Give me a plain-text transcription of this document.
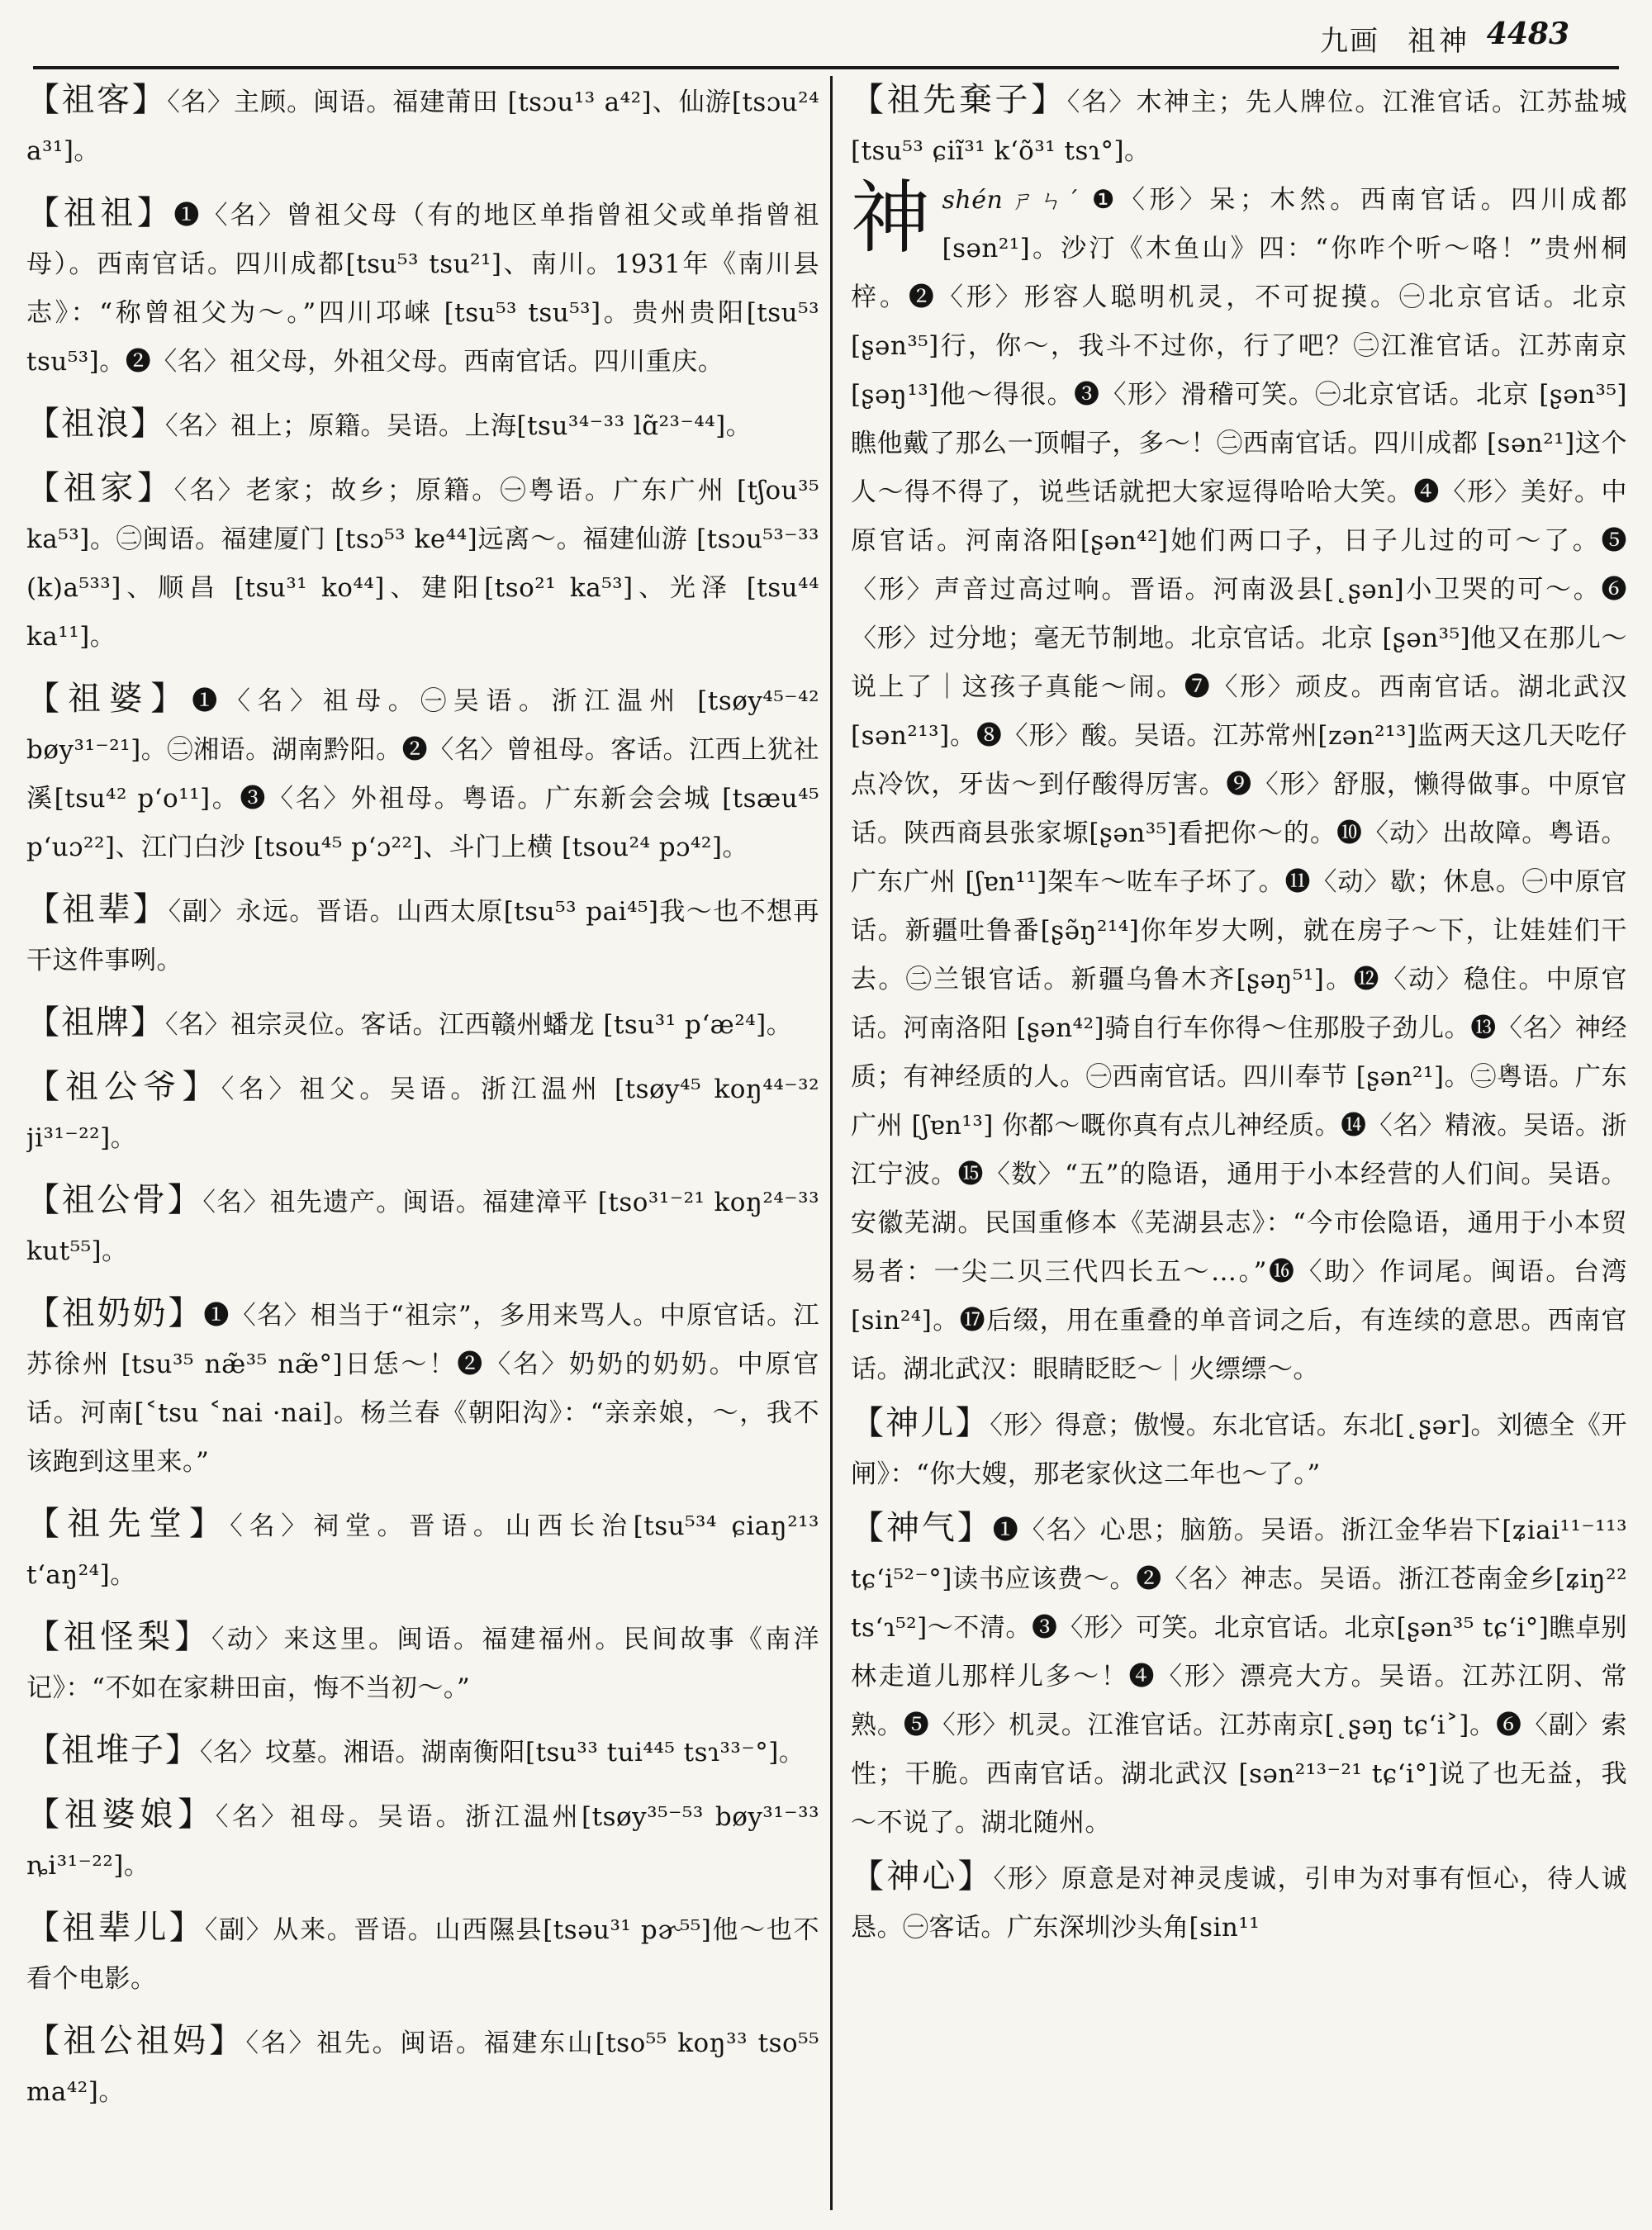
九画 祖神 4483

【祖客】〈名〉主顾。闽语。福建莆田 [tsɔu¹³ a⁴²]、仙游[tsɔu²⁴ a³¹]。

【祖祖】❶〈名〉曾祖父母（有的地区单指曾祖父或单指曾祖母）。西南官话。四川成都[tsu⁵³ tsu²¹]、南川。1931年《南川县志》：“称曾祖父为～。”四川邛崃 [tsu⁵³ tsu⁵³]。贵州贵阳[tsu⁵³ tsu⁵³]。❷〈名〉祖父母，外祖父母。西南官话。四川重庆。

【祖浪】〈名〉祖上；原籍。吴语。上海[tsu³⁴⁻³³ lɑ̃²³⁻⁴⁴]。

【祖家】〈名〉老家；故乡；原籍。㊀粤语。广东广州 [tʃou³⁵ ka⁵³]。㊁闽语。福建厦门 [tsɔ⁵³ ke⁴⁴]远离～。福建仙游 [tsɔu⁵³⁻³³ (k)a⁵³³]、顺昌 [tsu³¹ ko⁴⁴]、建阳[tso²¹ ka⁵³]、光泽 [tsu⁴⁴ ka¹¹]。

【祖婆】❶〈名〉祖母。㊀吴语。浙江温州 [tsøy⁴⁵⁻⁴² bøy³¹⁻²¹]。㊁湘语。湖南黔阳。❷〈名〉曾祖母。客话。江西上犹社溪[tsu⁴² p‘o¹¹]。❸〈名〉外祖母。粤语。广东新会会城 [tsæu⁴⁵ p‘uɔ²²]、江门白沙 [tsou⁴⁵ p‘ɔ²²]、斗门上横 [tsou²⁴ pɔ⁴²]。

【祖辈】〈副〉永远。晋语。山西太原[tsu⁵³ pai⁴⁵]我～也不想再干这件事咧。

【祖牌】〈名〉祖宗灵位。客话。江西赣州蟠龙 [tsu³¹ p‘æ²⁴]。

【祖公爷】〈名〉祖父。吴语。浙江温州 [tsøy⁴⁵ koŋ⁴⁴⁻³² ji³¹⁻²²]。

【祖公骨】〈名〉祖先遗产。闽语。福建漳平 [tso³¹⁻²¹ koŋ²⁴⁻³³ kut⁵⁵]。

【祖奶奶】❶〈名〉相当于“祖宗”，多用来骂人。中原官话。江苏徐州 [tsu³⁵ næ̃³⁵ næ̃°]日恁～！❷〈名〉奶奶的奶奶。中原官话。河南[˂tsu ˂nai ·nai]。杨兰春《朝阳沟》：“亲亲娘，～，我不该跑到这里来。”

【祖先堂】〈名〉祠堂。晋语。山西长治[tsu⁵³⁴ ɕiaŋ²¹³ t‘aŋ²⁴]。

【祖怪梨】〈动〉来这里。闽语。福建福州。民间故事《南洋记》：“不如在家耕田亩，悔不当初～。”

【祖堆子】〈名〉坟墓。湘语。湖南衡阳[tsu³³ tui⁴⁴⁵ tsɿ³³⁻°]。

【祖婆娘】〈名〉祖母。吴语。浙江温州[tsøy³⁵⁻⁵³ bøy³¹⁻³³ ȵi³¹⁻²²]。

【祖辈儿】〈副〉从来。晋语。山西隰县[tsəu³¹ pɚ⁵⁵]他～也不看个电影。

【祖公祖妈】〈名〉祖先。闽语。福建东山[tso⁵⁵ koŋ³³ tso⁵⁵ ma⁴²]。

【祖先棄子】〈名〉木神主；先人牌位。江淮官话。江苏盐城 [tsu⁵³ ɕiĩ³¹ k‘õ³¹ tsɿ°]。

神shén ㄕㄣˊ ❶〈形〉呆；木然。西南官话。四川成都[sən²¹]。沙汀《木鱼山》四：“你咋个听～咯！”贵州桐梓。❷〈形〉形容人聪明机灵，不可捉摸。㊀北京官话。北京 [ʂən³⁵]行，你～，我斗不过你，行了吧？㊁江淮官话。江苏南京 [ʂəŋ¹³]他～得很。❸〈形〉滑稽可笑。㊀北京官话。北京 [ʂən³⁵]瞧他戴了那么一顶帽子，多～！㊁西南官话。四川成都 [sən²¹]这个人～得不得了，说些话就把大家逗得哈哈大笑。❹〈形〉美好。中原官话。河南洛阳[ʂən⁴²]她们两口子，日子儿过的可～了。❺〈形〉声音过高过响。晋语。河南汲县[˛ʂən]小卫哭的可～。❻〈形〉过分地；毫无节制地。北京官话。北京 [ʂən³⁵]他又在那儿～说上了｜这孩子真能～闹。❼〈形〉顽皮。西南官话。湖北武汉[sən²¹³]。❽〈形〉酸。吴语。江苏常州[zən²¹³]监两天这几天吃仔点冷饮，牙齿～到仔酸得厉害。❾〈形〉舒服，懒得做事。中原官话。陕西商县张家塬[ʂən³⁵]看把你～的。❿〈动〉出故障。粤语。广东广州 [ʃɐn¹¹]架车～咗车子坏了。⓫〈动〉歇；休息。㊀中原官话。新疆吐鲁番[ʂə̃ŋ²¹⁴]你年岁大咧，就在房子～下，让娃娃们干去。㊁兰银官话。新疆乌鲁木齐[ʂəŋ⁵¹]。⓬〈动〉稳住。中原官话。河南洛阳 [ʂən⁴²]骑自行车你得～住那股子劲儿。⓭〈名〉神经质；有神经质的人。㊀西南官话。四川奉节 [ʂən²¹]。㊁粤语。广东广州 [ʃɐn¹³] 你都～嘅你真有点儿神经质。⓮〈名〉精液。吴语。浙江宁波。⓯〈数〉“五”的隐语，通用于小本经营的人们间。吴语。安徽芜湖。民国重修本《芜湖县志》：“今市侩隐语，通用于小本贸易者：一尖二贝三代四长五～…。”⓰〈助〉作词尾。闽语。台湾 [sin²⁴]。⓱后缀，用在重叠的单音词之后，有连续的意思。西南官话。湖北武汉：眼睛眨眨～｜火缥缥～。

【神儿】〈形〉得意；傲慢。东北官话。东北[˛ʂər]。刘德全《开闸》：“你大嫂，那老家伙这二年也～了。”

【神气】❶〈名〉心思；脑筋。吴语。浙江金华岩下[ʑiai¹¹⁻¹¹³ tɕ‘i⁵²⁻°]读书应该费～。❷〈名〉神志。吴语。浙江苍南金乡[ʑiŋ²² ts‘ɿ⁵²]～不清。❸〈形〉可笑。北京官话。北京[ʂən³⁵ tɕ‘i°]瞧卓别林走道儿那样儿多～！❹〈形〉漂亮大方。吴语。江苏江阴、常熟。❺〈形〉机灵。江淮官话。江苏南京[˛ʂəŋ tɕ‘i˃]。❻〈副〉索性；干脆。西南官话。湖北武汉 [sən²¹³⁻²¹ tɕ‘i°]说了也无益，我～不说了。湖北随州。

【神心】〈形〉原意是对神灵虔诚，引申为对事有恒心，待人诚恳。㊀客话。广东深圳沙头角[sin¹¹
